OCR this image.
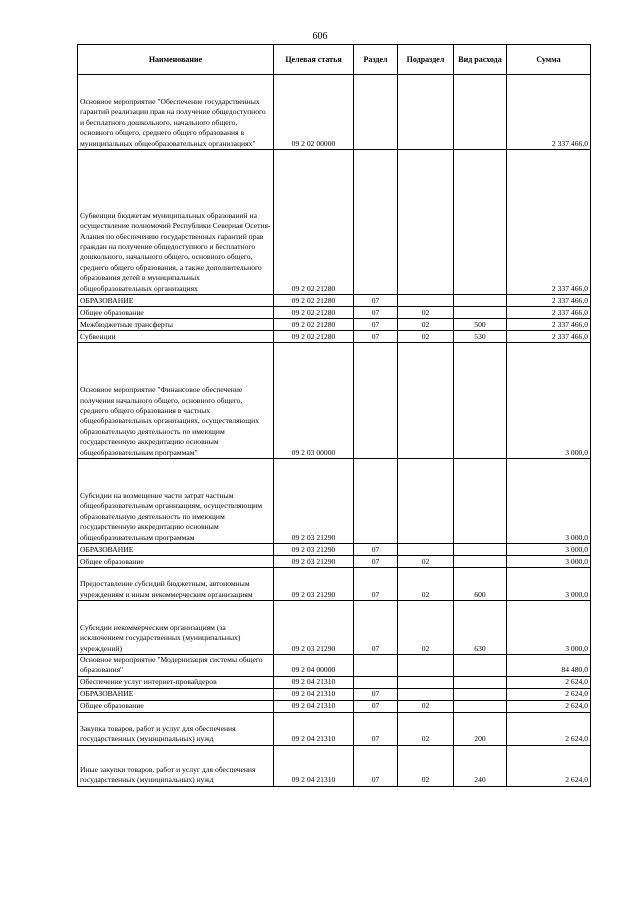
606
Наименование	Целевая статья	Раздел	Подраздел	Вид расхода	Сумма
Основное мероприятие "Обеспечение государственных гарантий реализации прав на получение общедоступного и бесплатного дошкольного, начального общего, основного общего, среднего общего образования в муниципальных общеобразовательных организациях"	09 2 02 00000				2 337 466,0
Субвенции бюджетам муниципальных образований на осуществление полномочий Республики Северная Осетия-Алания по обеспечению государственных гарантий прав граждан на получение общедоступного и бесплатного дошкольного, начального общего, основного общего, среднего общего образования, а также дополнительного образования детей в муниципальных общеобразовательных организациях	09 2 02 21280				2 337 466,0
ОБРАЗОВАНИЕ	09 2 02 21280	07			2 337 466,0
Общее образование	09 2 02 21280	07	02		2 337 466,0
Межбюджетные трансферты	09 2 02 21280	07	02	500	2 337 466,0
Субвенции	09 2 02 21280	07	02	530	2 337 466,0
Основное мероприятие "Финансовое обеспечение получения начального общего, основного общего, среднего общего образования в частных общеобразовательных организациях, осуществляющих образовательную деятельность по имеющим государственную аккредитацию основным общеобразовательным программам"	09 2 03 00000				3 000,0
Субсидии на возмещение части затрат частным общеобразовательным организациям, осуществляющим образовательную деятельность по имеющим государственную аккредитацию основным общеобразовательным программам	09 2 03 21290				3 000,0
ОБРАЗОВАНИЕ	09 2 03 21290	07			3 000,0
Общее образование	09 2 03 21290	07	02		3 000,0
Предоставление субсидий бюджетным, автономным учреждениям и иным некоммерческим организациям	09 2 03 21290	07	02	600	3 000,0
Субсидии некоммерческим организациям (за исключением государственных (муниципальных) учреждений)	09 2 03 21290	07	02	630	3 000,0
Основное мероприятие "Модернизация системы общего образования"	09 2 04 00000				84 480,0
Обеспечение услуг интернет-провайдеров	09 2 04 21310				2 624,0
ОБРАЗОВАНИЕ	09 2 04 21310	07			2 624,0
Общее образование	09 2 04 21310	07	02		2 624,0
Закупка товаров, работ и услуг для обеспечения государственных (муниципальных) нужд	09 2 04 21310	07	02	200	2 624,0
Иные закупки товаров, работ и услуг для обеспечения государственных (муниципальных) нужд	09 2 04 21310	07	02	240	2 624,0
